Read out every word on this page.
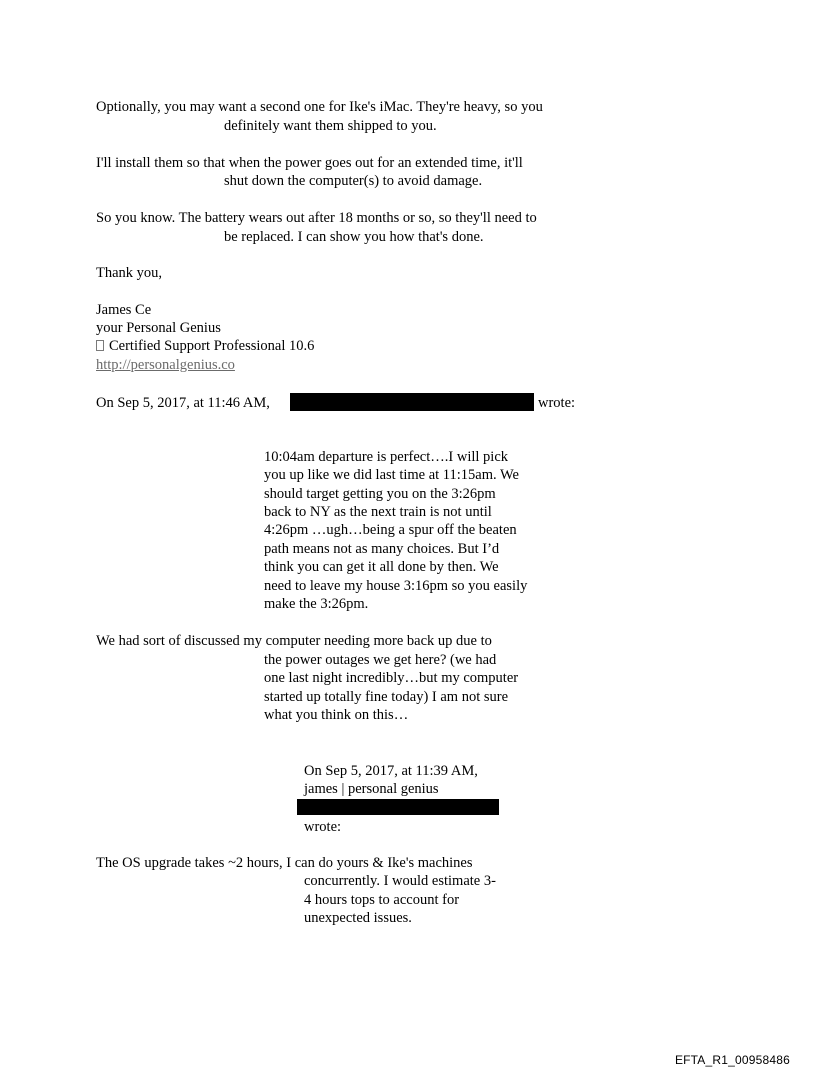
Optionally, you may want a second one for Ike's iMac. They're heavy, so you
definitely want them shipped to you.
I'll install them so that when the power goes out for an extended time, it'll
shut down the computer(s) to avoid damage.
So you know. The battery wears out after 18 months or so, so they'll need to
be replaced. I can show you how that's done.
Thank you,
James Ce
your Personal Genius
Certified Support Professional 10.6
http://personalgenius.co
On Sep 5, 2017, at 11:46 AM,	wrote:
10:04am departure is perfect….I will pick
you up like we did last time at 11:15am. We
should target getting you on the 3:26pm
back to NY as the next train is not until
4:26pm …ugh…being a spur off the beaten
path means not as many choices. But I’d
think you can get it all done by then. We
need to leave my house 3:16pm so you easily
make the 3:26pm.
We had sort of discussed my computer needing more back up due to
the power outages we get here? (we had
one last night incredibly…but my computer
started up totally fine today) I am not sure
what you think on this…
On Sep 5, 2017, at 11:39 AM,
james | personal genius
wrote:
The OS upgrade takes ~2 hours, I can do yours & Ike's machines
concurrently. I would estimate 3-
4 hours tops to account for
unexpected issues.
EFTA_R1_00958486
